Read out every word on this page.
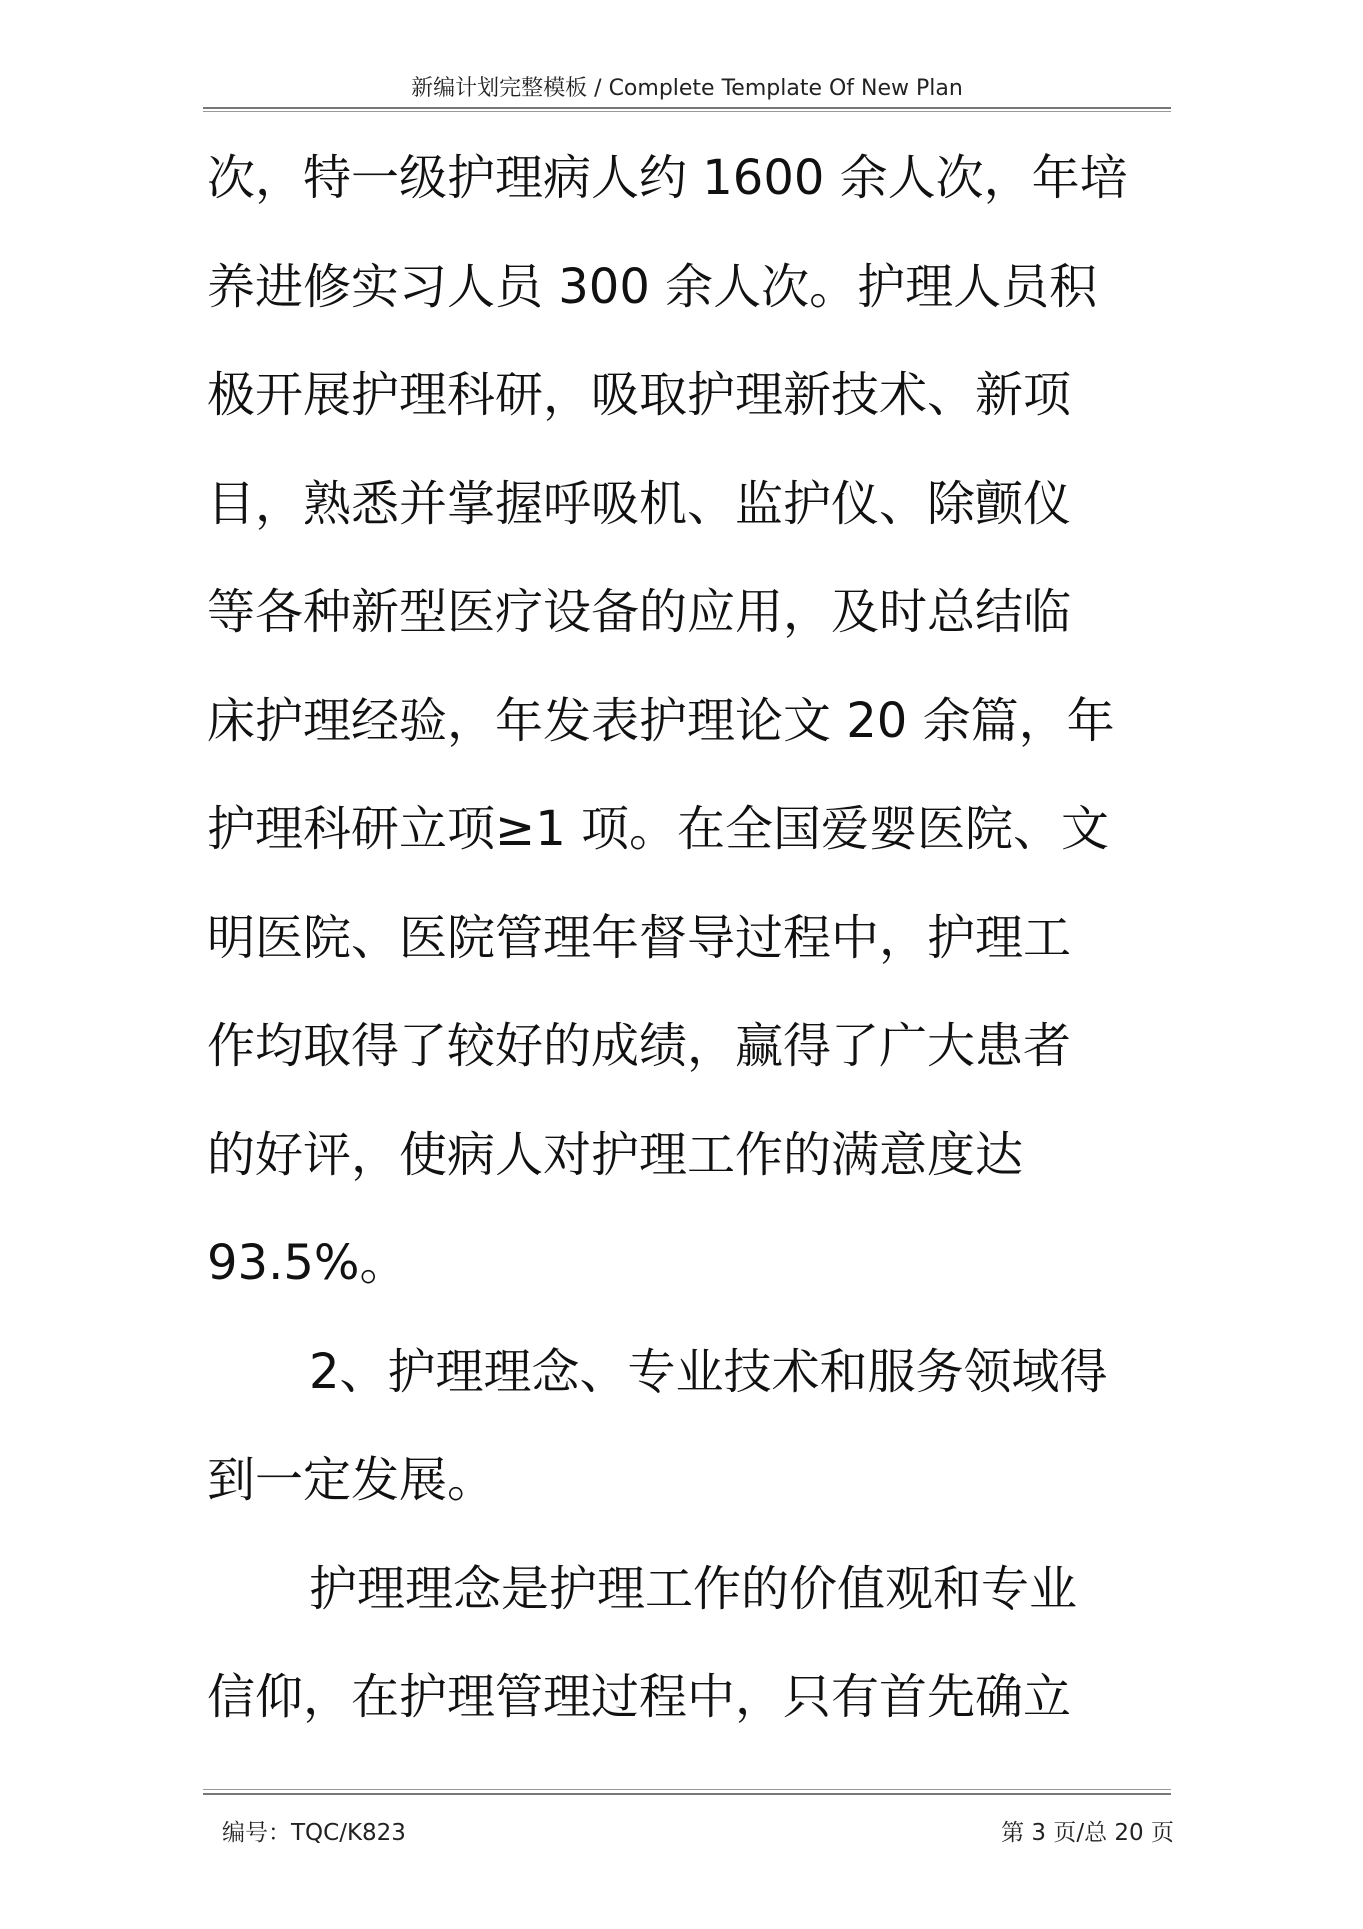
新编计划完整模板 / Complete Template Of New Plan
次，特一级护理病人约 1600 余人次，年培
养进修实习人员 300 余人次。护理人员积
极开展护理科研，吸取护理新技术、新项
目，熟悉并掌握呼吸机、监护仪、除颤仪
等各种新型医疗设备的应用，及时总结临
床护理经验，年发表护理论文 20 余篇，年
护理科研立项≥1 项。在全国爱婴医院、文
明医院、医院管理年督导过程中，护理工
作均取得了较好的成绩，赢得了广大患者
的好评，使病人对护理工作的满意度达
93.5%。
2、护理理念、专业技术和服务领域得
到一定发展。
护理理念是护理工作的价值观和专业
信仰，在护理管理过程中，只有首先确立
编号：TQC/K823	第 3 页/总 20 页
